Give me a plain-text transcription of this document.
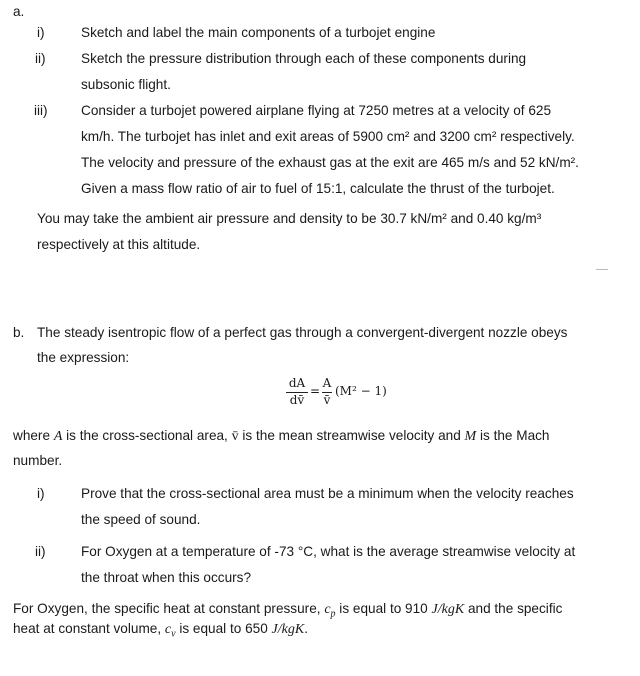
a.
i)	Sketch and label the main components of a turbojet engine
ii)	Sketch the pressure distribution through each of these components during
subsonic flight.
iii) Consider a turbojet powered airplane flying at 7250 metres at a velocity of 625
km/h. The turbojet has inlet and exit areas of 5900 cm² and 3200 cm² respectively.
The velocity and pressure of the exhaust gas at the exit are 465 m/s and 52 kN/m².
Given a mass flow ratio of air to fuel of 15:1, calculate the thrust of the turbojet.
You may take the ambient air pressure and density to be 30.7 kN/m² and 0.40 kg/m³
respectively at this altitude.
b. The steady isentropic flow of a perfect gas through a convergent-divergent nozzle obeys
the expression:
dA
dv̄
=
A
v̄
(M² − 1)
where A is the cross-sectional area, v̄ is the mean streamwise velocity and M is the Mach
number.
i)	Prove that the cross-sectional area must be a minimum when the velocity reaches
the speed of sound.
ii)	For Oxygen at a temperature of -73 °C, what is the average streamwise velocity at
the throat when this occurs?
For Oxygen, the specific heat at constant pressure, $c_p$ is equal to 910 J/kgK and the specific
heat at constant volume, $c_v$ is equal to 650 J/kgK.
